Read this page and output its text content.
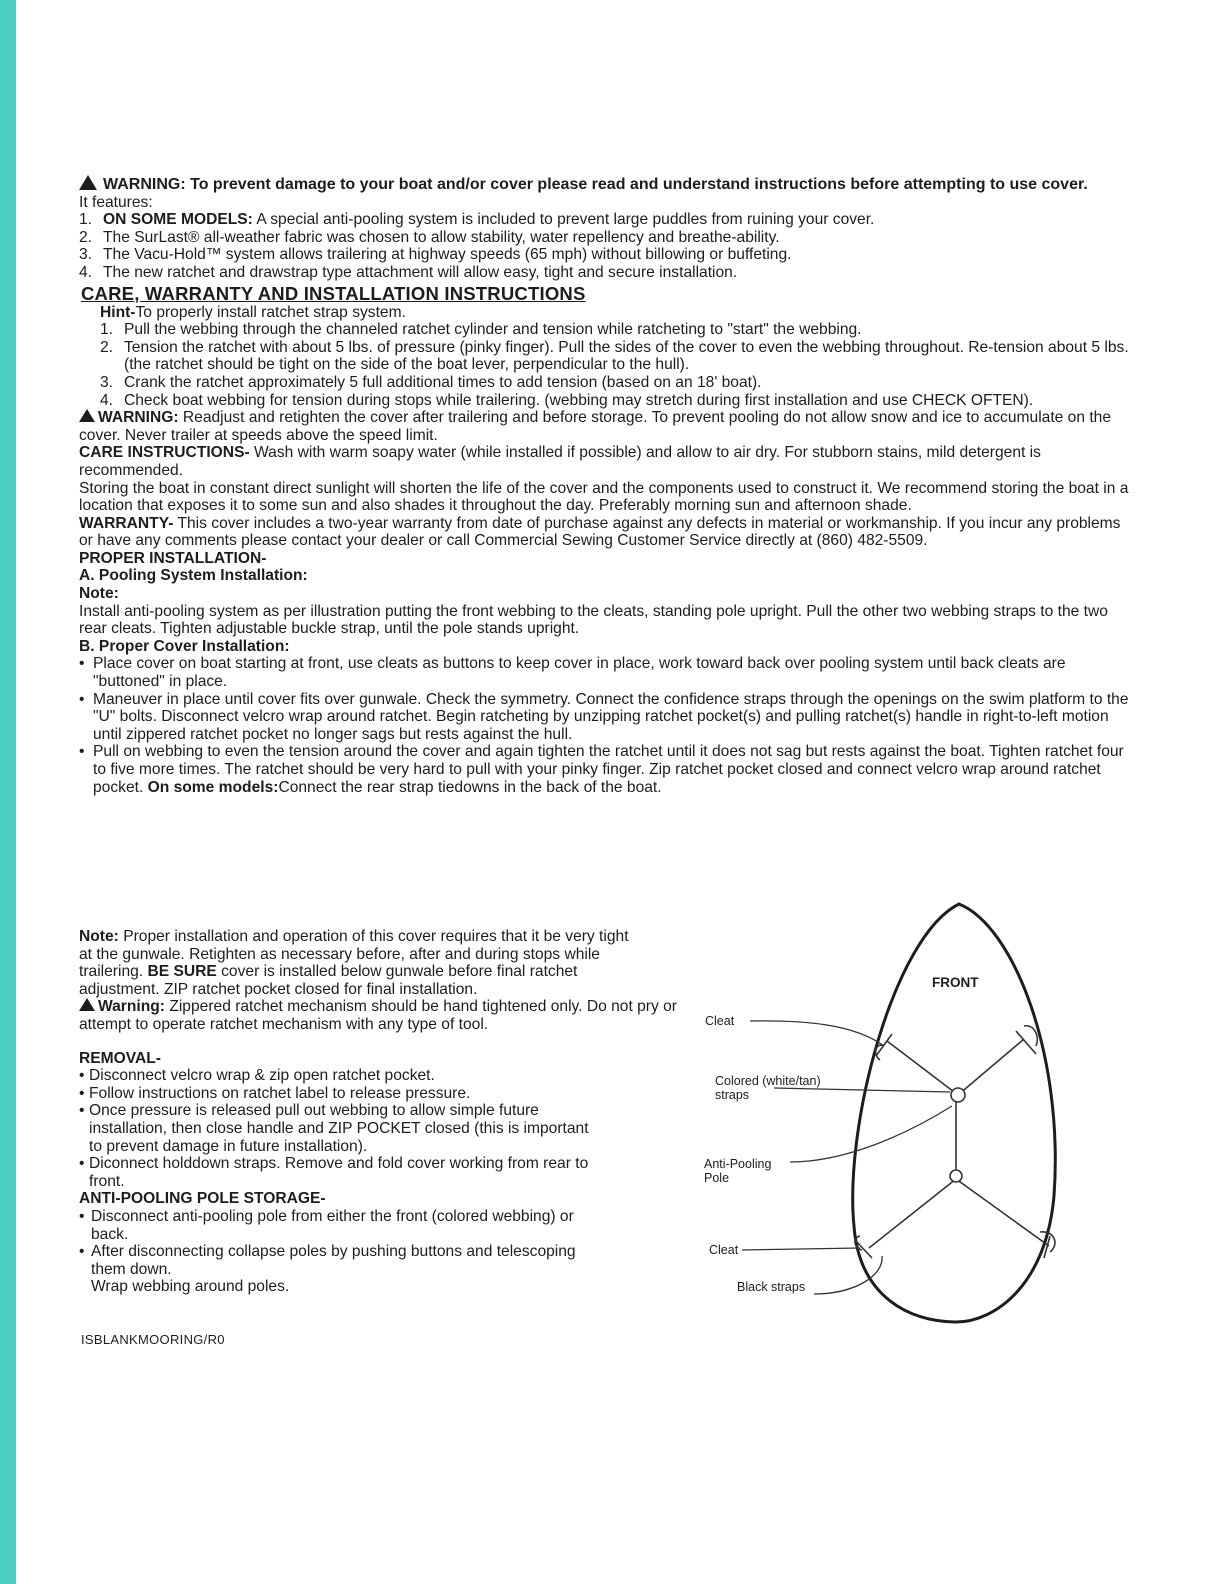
WARNING: To prevent damage to your boat and/or cover please read and understand instructions before attempting to use cover.

It features:

1. ON SOME MODELS: A special anti-pooling system is included to prevent large puddles from ruining your cover.
2. The SurLast® all-weather fabric was chosen to allow stability, water repellency and breathe-ability.
3. The Vacu-Hold™ system allows trailering at highway speeds (65 mph) without billowing or buffeting.
4. The new ratchet and drawstrap type attachment will allow easy, tight and secure installation.

CARE, WARRANTY AND INSTALLATION INSTRUCTIONS

Hint-To properly install ratchet strap system.

1. Pull the webbing through the channeled ratchet cylinder and tension while ratcheting to "start" the webbing.
2. Tension the ratchet with about 5 lbs. of pressure (pinky finger). Pull the sides of the cover to even the webbing throughout. Re-tension about 5 lbs. (the ratchet should be tight on the side of the boat lever, perpendicular to the hull).
3. Crank the ratchet approximately 5 full additional times to add tension (based on an 18' boat).
4. Check boat webbing for tension during stops while trailering. (webbing may stretch during first installation and use CHECK OFTEN).

WARNING: Readjust and retighten the cover after trailering and before storage. To prevent pooling do not allow snow and ice to accumulate on the cover. Never trailer at speeds above the speed limit.

CARE INSTRUCTIONS- Wash with warm soapy water (while installed if possible) and allow to air dry. For stubborn stains, mild detergent is recommended.

Storing the boat in constant direct sunlight will shorten the life of the cover and the components used to construct it. We recommend storing the boat in a location that exposes it to some sun and also shades it throughout the day. Preferably morning sun and afternoon shade.

WARRANTY- This cover includes a two-year warranty from date of purchase against any defects in material or workmanship. If you incur any problems or have any comments please contact your dealer or call Commercial Sewing Customer Service directly at (860) 482-5509.

PROPER INSTALLATION-

A. Pooling System Installation:

Note:

Install anti-pooling system as per illustration putting the front webbing to the cleats, standing pole upright. Pull the other two webbing straps to the two rear cleats. Tighten adjustable buckle strap, until the pole stands upright.

B. Proper Cover Installation:

• Place cover on boat starting at front, use cleats as buttons to keep cover in place, work toward back over pooling system until back cleats are "buttoned" in place.
• Maneuver in place until cover fits over gunwale. Check the symmetry. Connect the confidence straps through the openings on the swim platform to the "U" bolts. Disconnect velcro wrap around ratchet. Begin ratcheting by unzipping ratchet pocket(s) and pulling ratchet(s) handle in right-to-left motion until zippered ratchet pocket no longer sags but rests against the hull.
• Pull on webbing to even the tension around the cover and again tighten the ratchet until it does not sag but rests against the boat. Tighten ratchet four to five more times. The ratchet should be very hard to pull with your pinky finger. Zip ratchet pocket closed and connect velcro wrap around ratchet pocket. On some models:Connect the rear strap tiedowns in the back of the boat.

Note: Proper installation and operation of this cover requires that it be very tight at the gunwale. Retighten as necessary before, after and during stops while trailering. BE SURE cover is installed below gunwale before final ratchet adjustment. ZIP ratchet pocket closed for final installation.

Warning: Zippered ratchet mechanism should be hand tightened only. Do not pry or attempt to operate ratchet mechanism with any type of tool.

REMOVAL-

• Disconnect velcro wrap & zip open ratchet pocket.
• Follow instructions on ratchet label to release pressure.
• Once pressure is released pull out webbing to allow simple future installation, then close handle and ZIP POCKET closed (this is important to prevent damage in future installation).
• Diconnect holddown straps. Remove and fold cover working from rear to front.

ANTI-POOLING POLE STORAGE-

• Disconnect anti-pooling pole from either the front (colored webbing) or back.
• After disconnecting collapse poles by pushing buttons and telescoping them down.

Wrap webbing around poles.

ISBLANKMOORING/R0
FRONT
Cleat
Colored (white/tan)
straps
Anti-Pooling
Pole
Cleat
Black straps
